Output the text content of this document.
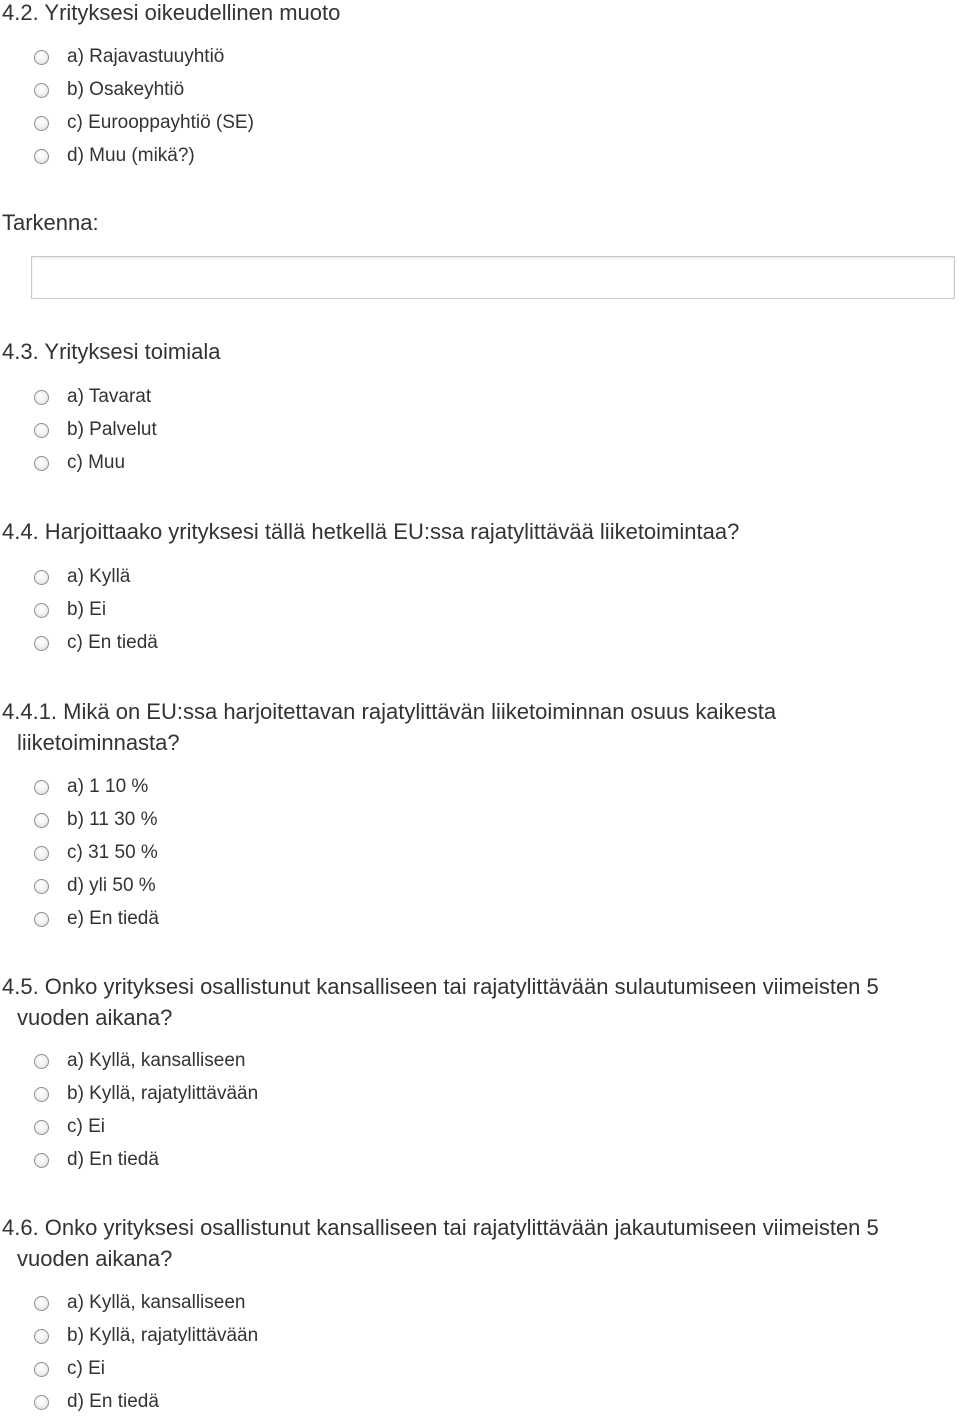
4.2. Yrityksesi oikeudellinen muoto
a) Rajavastuuyhtiö
b) Osakeyhtiö
c) Eurooppayhtiö (SE)
d) Muu (mikä?)
Tarkenna:
4.3. Yrityksesi toimiala
a) Tavarat
b) Palvelut
c) Muu
4.4. Harjoittaako yrityksesi tällä hetkellä EU:ssa rajatylittävää liiketoimintaa?
a) Kyllä
b) Ei
c) En tiedä
4.4.1. Mikä on EU:ssa harjoitettavan rajatylittävän liiketoiminnan osuus kaikesta
liiketoiminnasta?
a) 1 10 %
b) 11 30 %
c) 31 50 %
d) yli 50 %
e) En tiedä
4.5. Onko yrityksesi osallistunut kansalliseen tai rajatylittävään sulautumiseen viimeisten 5
vuoden aikana?
a) Kyllä, kansalliseen
b) Kyllä, rajatylittävään
c) Ei
d) En tiedä
4.6. Onko yrityksesi osallistunut kansalliseen tai rajatylittävään jakautumiseen viimeisten 5
vuoden aikana?
a) Kyllä, kansalliseen
b) Kyllä, rajatylittävään
c) Ei
d) En tiedä
